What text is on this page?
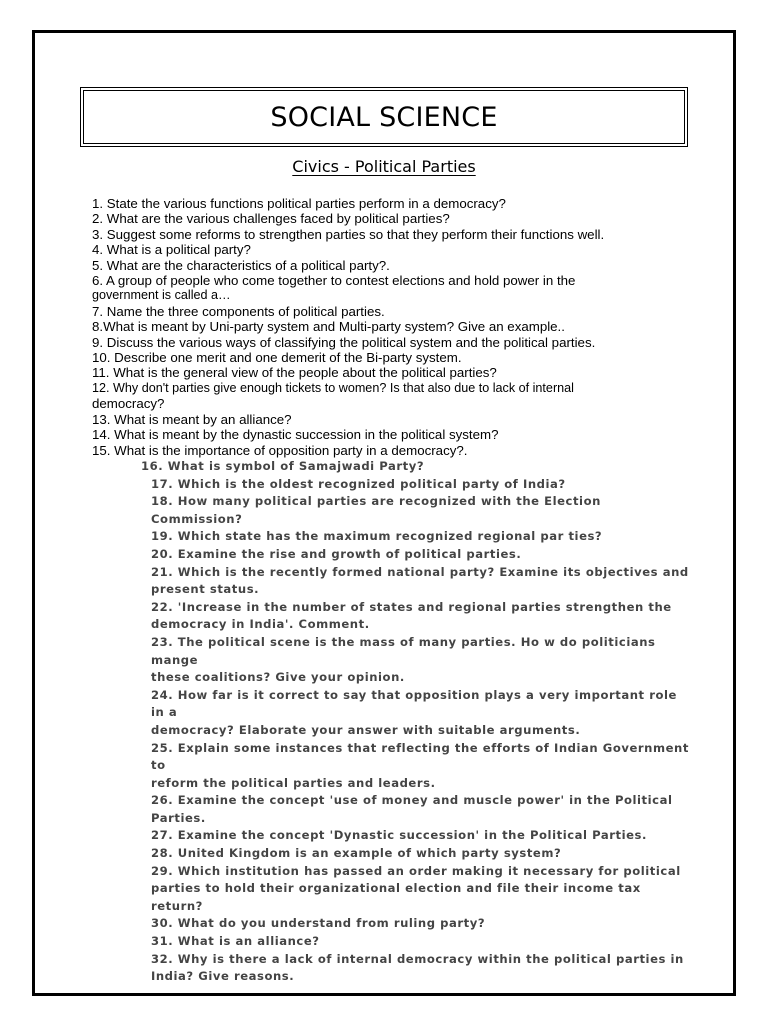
SOCIAL SCIENCE
Civics - Political Parties
1. State the various functions political parties perform in a democracy?
2. What are the various challenges faced by political parties?
3. Suggest some reforms to strengthen parties so that they perform their functions well.
4. What is a political party?
5. What are the characteristics of a political party?.
6. A group of people who come together to contest elections and hold power in the
government is called a…
7. Name the three components of political parties.
8.What is meant by Uni-party system and Multi-party system? Give an example..
9. Discuss the various ways of classifying the political system and the political parties.
10. Describe one merit and one demerit of the Bi-party system.
11. What is the general view of the people about the political parties?
12. Why don't parties give enough tickets to women? Is that also due to lack of internal
democracy?
13. What is meant by an alliance?
14. What is meant by the dynastic succession in the political system?
15. What is the importance of opposition party in a democracy?.
16. What is symbol of Samajwadi Party?
17. Which is the oldest recognized political party of India?
18. How many political parties are recognized with the Election Commission?
19. Which state has the maximum recognized regional par ties?
20. Examine the rise and growth of political parties.
21. Which is the recently formed national party? Examine its objectives and
present status.
22. 'Increase in the number of states and regional parties strengthen the
democracy in India'. Comment.
23. The political scene is the mass of many parties. Ho w do politicians mange
these coalitions? Give your opinion.
24. How far is it correct to say that opposition plays a very important role in a
democracy? Elaborate your answer with suitable arguments.
25. Explain some instances that reflecting the efforts of Indian Government to
reform the political parties and leaders.
26. Examine the concept 'use of money and muscle power' in the Political
Parties.
27. Examine the concept 'Dynastic succession' in the Political Parties.
28. United Kingdom is an example of which party system?
29. Which institution has passed an order making it necessary for political
parties to hold their organizational election and file their income tax return?
30. What do you understand from ruling party?
31. What is an alliance?
32. Why is there a lack of internal democracy within the political parties in
India? Give reasons.
